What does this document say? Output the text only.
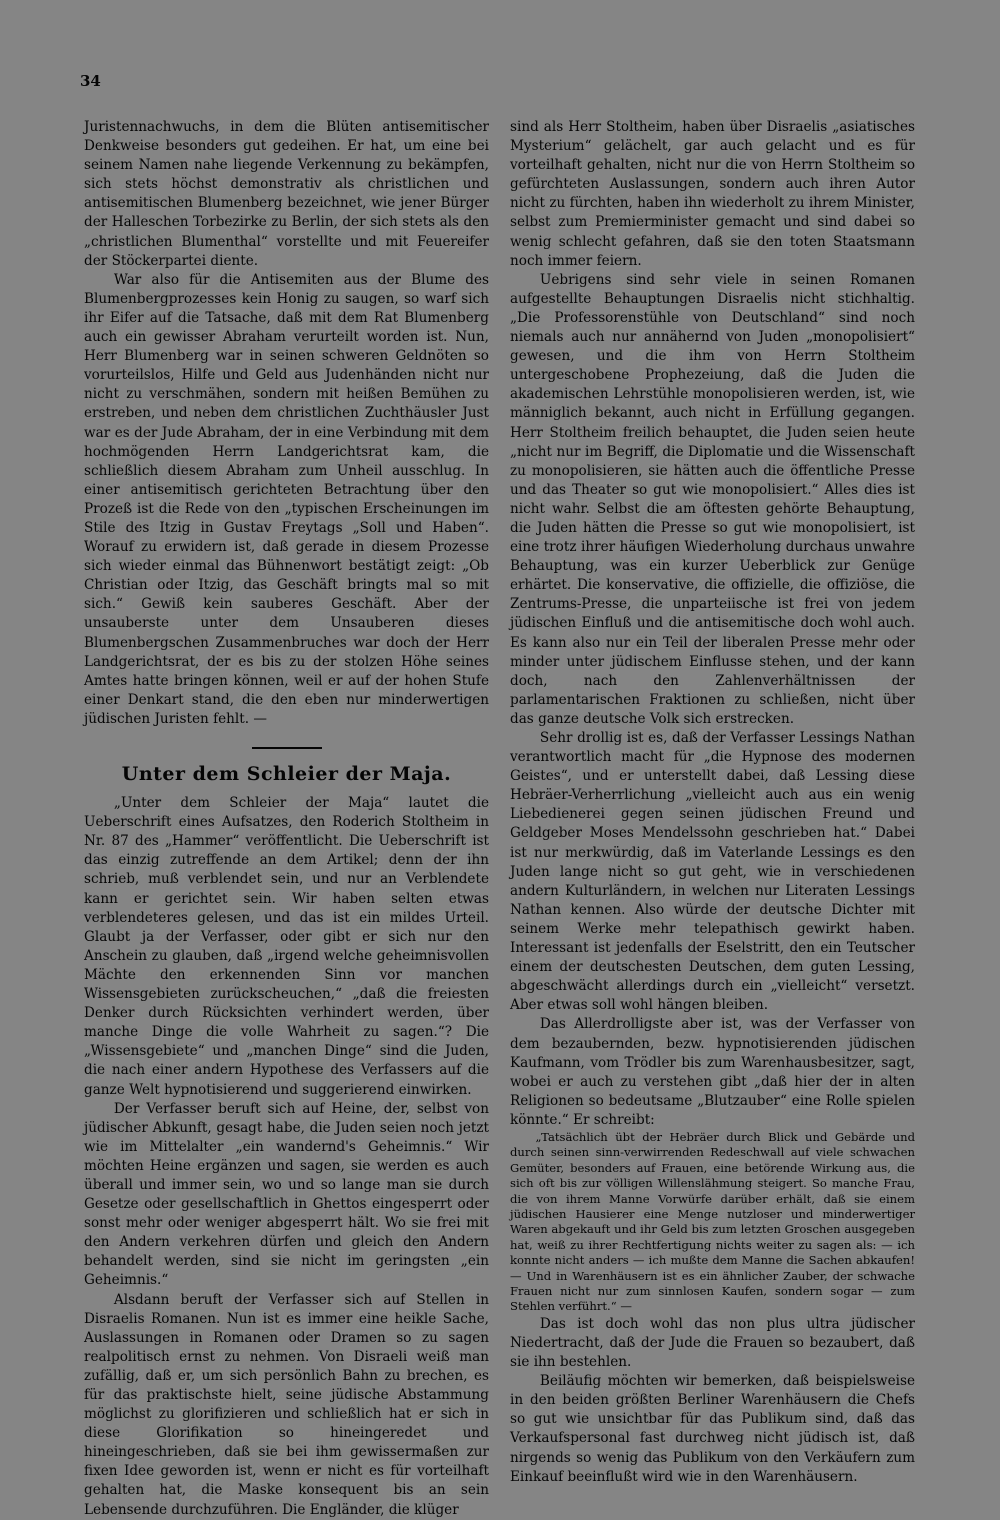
34

Juristennachwuchs, in dem die Blüten antisemitischer Denkweise besonders gut gedeihen. Er hat, um eine bei seinem Namen nahe liegende Verkennung zu bekämpfen, sich stets höchst demonstrativ als christlichen und antisemitischen Blumenberg bezeichnet, wie jener Bürger der Halleschen Torbezirke zu Berlin, der sich stets als den „christlichen Blumenthal“ vorstellte und mit Feuereifer der Stöckerpartei diente.

War also für die Antisemiten aus der Blume des Blumenbergprozesses kein Honig zu saugen, so warf sich ihr Eifer auf die Tatsache, daß mit dem Rat Blumenberg auch ein gewisser Abraham verurteilt worden ist. Nun, Herr Blumenberg war in seinen schweren Geldnöten so vorurteilslos, Hilfe und Geld aus Judenhänden nicht nur nicht zu verschmähen, sondern mit heißen Bemühen zu erstreben, und neben dem christlichen Zuchthäusler Just war es der Jude Abraham, der in eine Verbindung mit dem hochmögenden Herrn Landgerichtsrat kam, die schließlich diesem Abraham zum Unheil ausschlug. In einer antisemitisch gerichteten Betrachtung über den Prozeß ist die Rede von den „typischen Erscheinungen im Stile des Itzig in Gustav Freytags „Soll und Haben“. Worauf zu erwidern ist, daß gerade in diesem Prozesse sich wieder einmal das Bühnenwort bestätigt zeigt: „Ob Christian oder Itzig, das Geschäft bringts mal so mit sich.“ Gewiß kein sauberes Geschäft. Aber der unsauberste unter dem Unsauberen dieses Blumenbergschen Zusammenbruches war doch der Herr Landgerichtsrat, der es bis zu der stolzen Höhe seines Amtes hatte bringen können, weil er auf der hohen Stufe einer Denkart stand, die den eben nur minderwertigen jüdischen Juristen fehlt. —

Unter dem Schleier der Maja.

„Unter dem Schleier der Maja“ lautet die Ueberschrift eines Aufsatzes, den Roderich Stoltheim in Nr. 87 des „Hammer“ veröffentlicht. Die Ueberschrift ist das einzig zutreffende an dem Artikel; denn der ihn schrieb, muß verblendet sein, und nur an Verblendete kann er gerichtet sein. Wir haben selten etwas verblendeteres gelesen, und das ist ein mildes Urteil. Glaubt ja der Verfasser, oder gibt er sich nur den Anschein zu glauben, daß „irgend welche geheimnisvollen Mächte den erkennenden Sinn vor manchen Wissensgebieten zurückscheuchen,“ „daß die freiesten Denker durch Rücksichten verhindert werden, über manche Dinge die volle Wahrheit zu sagen.“? Die „Wissensgebiete“ und „manchen Dinge“ sind die Juden, die nach einer andern Hypothese des Verfassers auf die ganze Welt hypnotisierend und suggerierend einwirken.

Der Verfasser beruft sich auf Heine, der, selbst von jüdischer Abkunft, gesagt habe, die Juden seien noch jetzt wie im Mittelalter „ein wandernd's Geheimnis.“ Wir möchten Heine ergänzen und sagen, sie werden es auch überall und immer sein, wo und so lange man sie durch Gesetze oder gesellschaftlich in Ghettos eingesperrt oder sonst mehr oder weniger abgesperrt hält. Wo sie frei mit den Andern verkehren dürfen und gleich den Andern behandelt werden, sind sie nicht im geringsten „ein Geheimnis.“

Alsdann beruft der Verfasser sich auf Stellen in Disraelis Romanen. Nun ist es immer eine heikle Sache, Auslassungen in Romanen oder Dramen so zu sagen realpolitisch ernst zu nehmen. Von Disraeli weiß man zufällig, daß er, um sich persönlich Bahn zu brechen, es für das praktischste hielt, seine jüdische Abstammung möglichst zu glorifizieren und schließlich hat er sich in diese Glorifikation so hineingeredet und hineingeschrieben, daß sie bei ihm gewissermaßen zur fixen Idee geworden ist, wenn er nicht es für vorteilhaft gehalten hat, die Maske konsequent bis an sein Lebensende durchzuführen. Die Engländer, die klüger

sind als Herr Stoltheim, haben über Disraelis „asiatisches Mysterium“ gelächelt, gar auch gelacht und es für vorteilhaft gehalten, nicht nur die von Herrn Stoltheim so gefürchteten Auslassungen, sondern auch ihren Autor nicht zu fürchten, haben ihn wiederholt zu ihrem Minister, selbst zum Premierminister gemacht und sind dabei so wenig schlecht gefahren, daß sie den toten Staatsmann noch immer feiern.

Uebrigens sind sehr viele in seinen Romanen aufgestellte Behauptungen Disraelis nicht stichhaltig. „Die Professorenstühle von Deutschland“ sind noch niemals auch nur annähernd von Juden „monopolisiert“ gewesen, und die ihm von Herrn Stoltheim untergeschobene Prophezeiung, daß die Juden die akademischen Lehrstühle monopolisieren werden, ist, wie männiglich bekannt, auch nicht in Erfüllung gegangen. Herr Stoltheim freilich behauptet, die Juden seien heute „nicht nur im Begriff, die Diplomatie und die Wissenschaft zu monopolisieren, sie hätten auch die öffentliche Presse und das Theater so gut wie monopolisiert.“ Alles dies ist nicht wahr. Selbst die am öftesten gehörte Behauptung, die Juden hätten die Presse so gut wie monopolisiert, ist eine trotz ihrer häufigen Wiederholung durchaus unwahre Behauptung, was ein kurzer Ueberblick zur Genüge erhärtet. Die konservative, die offizielle, die offiziöse, die Zentrums-Presse, die unparteiische ist frei von jedem jüdischen Einfluß und die antisemitische doch wohl auch. Es kann also nur ein Teil der liberalen Presse mehr oder minder unter jüdischem Einflusse stehen, und der kann doch, nach den Zahlenverhältnissen der parlamentarischen Fraktionen zu schließen, nicht über das ganze deutsche Volk sich erstrecken.

Sehr drollig ist es, daß der Verfasser Lessings Nathan verantwortlich macht für „die Hypnose des modernen Geistes“, und er unterstellt dabei, daß Lessing diese Hebräer-Verherrlichung „vielleicht auch aus ein wenig Liebedienerei gegen seinen jüdischen Freund und Geldgeber Moses Mendelssohn geschrieben hat.“ Dabei ist nur merkwürdig, daß im Vaterlande Lessings es den Juden lange nicht so gut geht, wie in verschiedenen andern Kulturländern, in welchen nur Literaten Lessings Nathan kennen. Also würde der deutsche Dichter mit seinem Werke mehr telepathisch gewirkt haben. Interessant ist jedenfalls der Eselstritt, den ein Teutscher einem der deutschesten Deutschen, dem guten Lessing, abgeschwächt allerdings durch ein „vielleicht“ versetzt. Aber etwas soll wohl hängen bleiben.

Das Allerdrolligste aber ist, was der Verfasser von dem bezaubernden, bezw. hypnotisierenden jüdischen Kaufmann, vom Trödler bis zum Warenhausbesitzer, sagt, wobei er auch zu verstehen gibt „daß hier der in alten Religionen so bedeutsame „Blutzauber“ eine Rolle spielen könnte.“ Er schreibt:

„Tatsächlich übt der Hebräer durch Blick und Gebärde und durch seinen sinn-verwirrenden Redeschwall auf viele schwachen Gemüter, besonders auf Frauen, eine betörende Wirkung aus, die sich oft bis zur völligen Willenslähmung steigert. So manche Frau, die von ihrem Manne Vorwürfe darüber erhält, daß sie einem jüdischen Hausierer eine Menge nutzloser und minderwertiger Waren abgekauft und ihr Geld bis zum letzten Groschen ausgegeben hat, weiß zu ihrer Rechtfertigung nichts weiter zu sagen als: — ich konnte nicht anders — ich mußte dem Manne die Sachen abkaufen! — Und in Warenhäusern ist es ein ähnlicher Zauber, der schwache Frauen nicht nur zum sinnlosen Kaufen, sondern sogar — zum Stehlen verführt.“ —

Das ist doch wohl das non plus ultra jüdischer Niedertracht, daß der Jude die Frauen so bezaubert, daß sie ihn bestehlen.

Beiläufig möchten wir bemerken, daß beispielsweise in den beiden größten Berliner Warenhäusern die Chefs so gut wie unsichtbar für das Publikum sind, daß das Verkaufspersonal fast durchweg nicht jüdisch ist, daß nirgends so wenig das Publikum von den Verkäufern zum Einkauf beeinflußt wird wie in den Warenhäusern.
